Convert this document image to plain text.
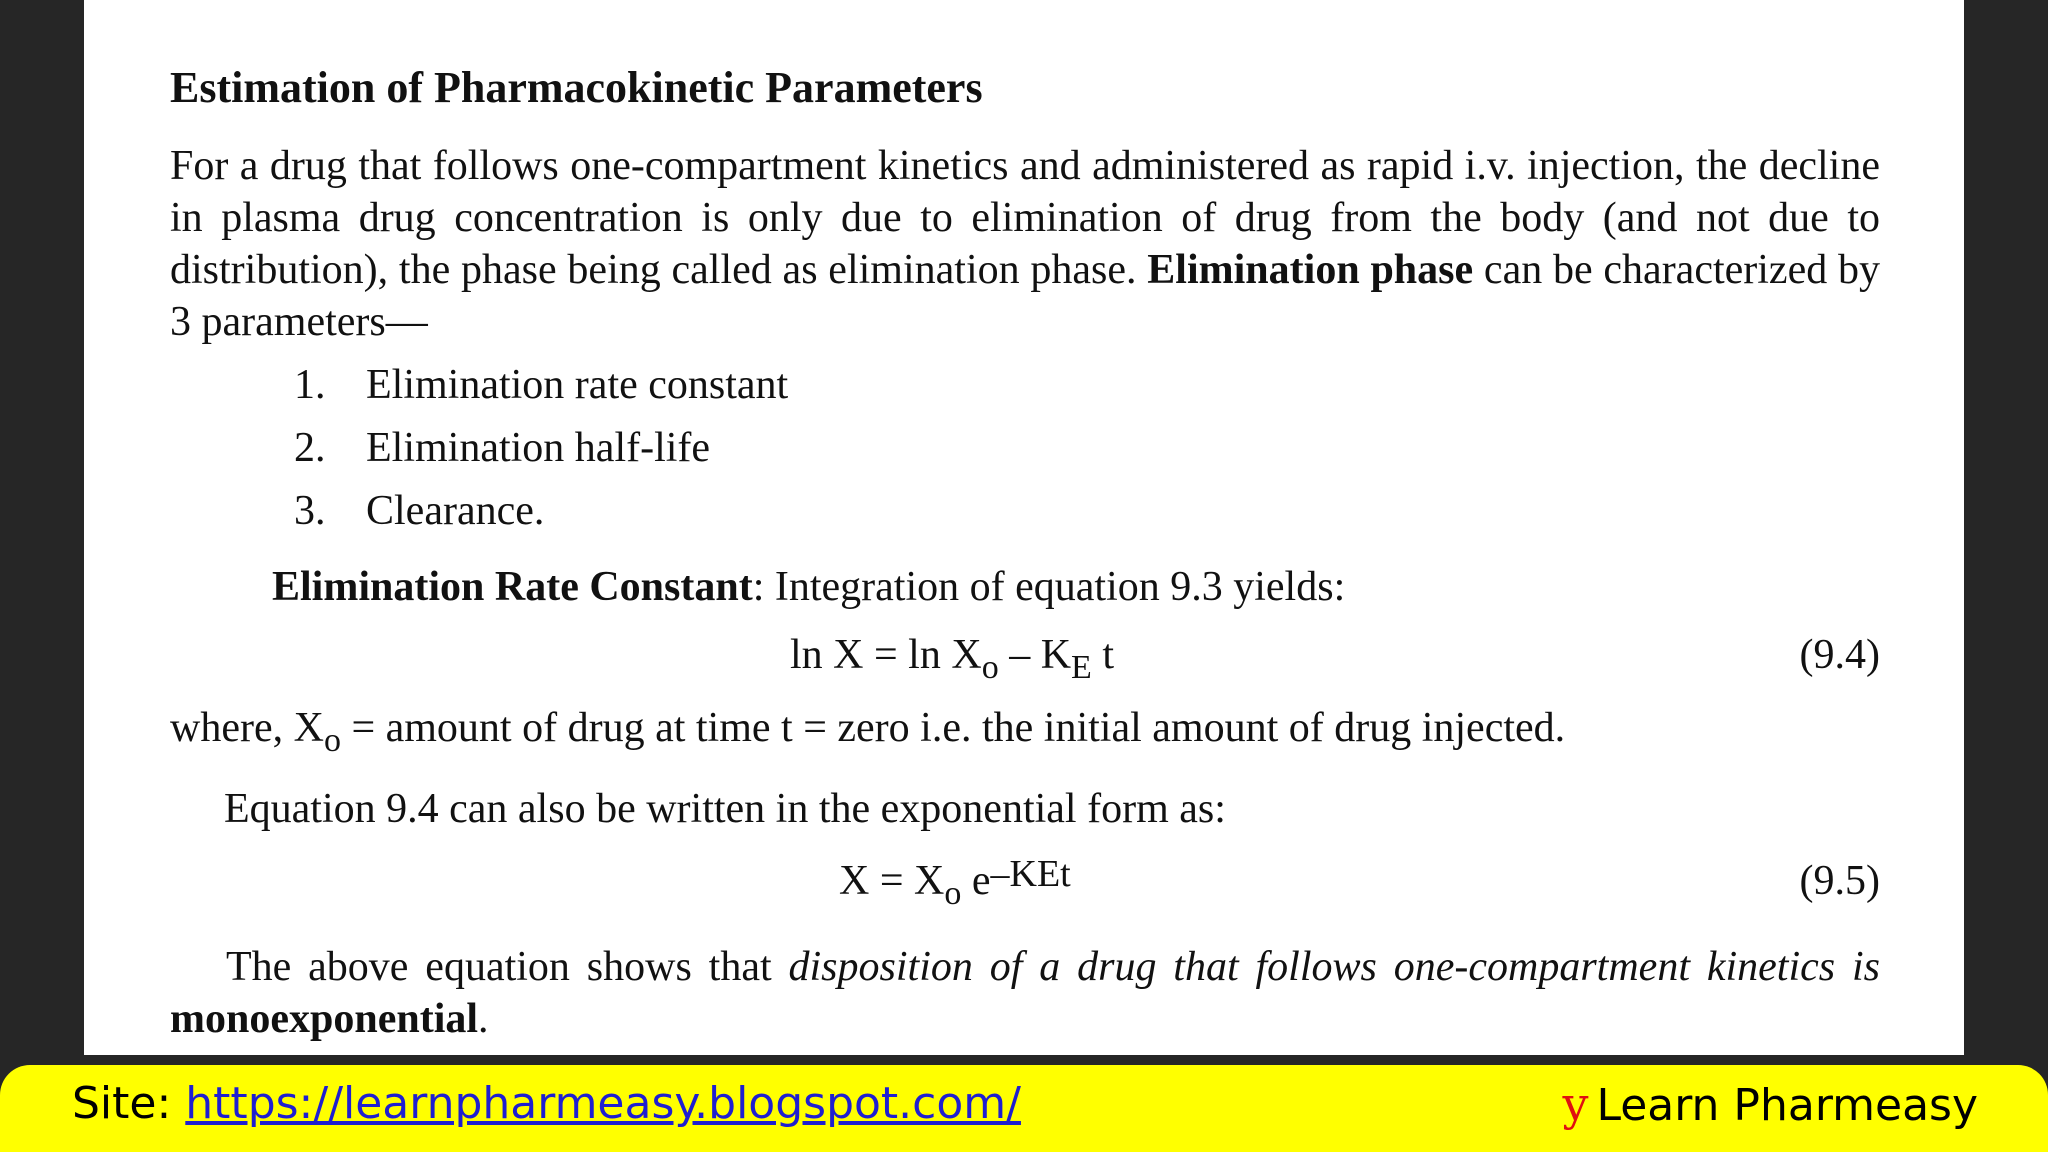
Estimation of Pharmacokinetic Parameters

For a drug that follows one-compartment kinetics and administered as rapid i.v. injection, the decline in plasma drug concentration is only due to elimination of drug from the body (and not due to distribution), the phase being called as elimination phase. Elimination phase can be characterized by 3 parameters—

1. Elimination rate constant
2. Elimination half-life
3. Clearance.

Elimination Rate Constant: Integration of equation 9.3 yields:

$\ln X = \ln X_o - K_E$ t	(9.4)

where, $X_o$ = amount of drug at time t = zero i.e. the initial amount of drug injected.

Equation 9.4 can also be written in the exponential form as:

$X = X_o$ e–KEt	(9.5)

The above equation shows that disposition of a drug that follows one-compartment kinetics is monoexponential.

Site: https://learnpharmeasy.blogspot.com/	y Learn Pharmeasy
